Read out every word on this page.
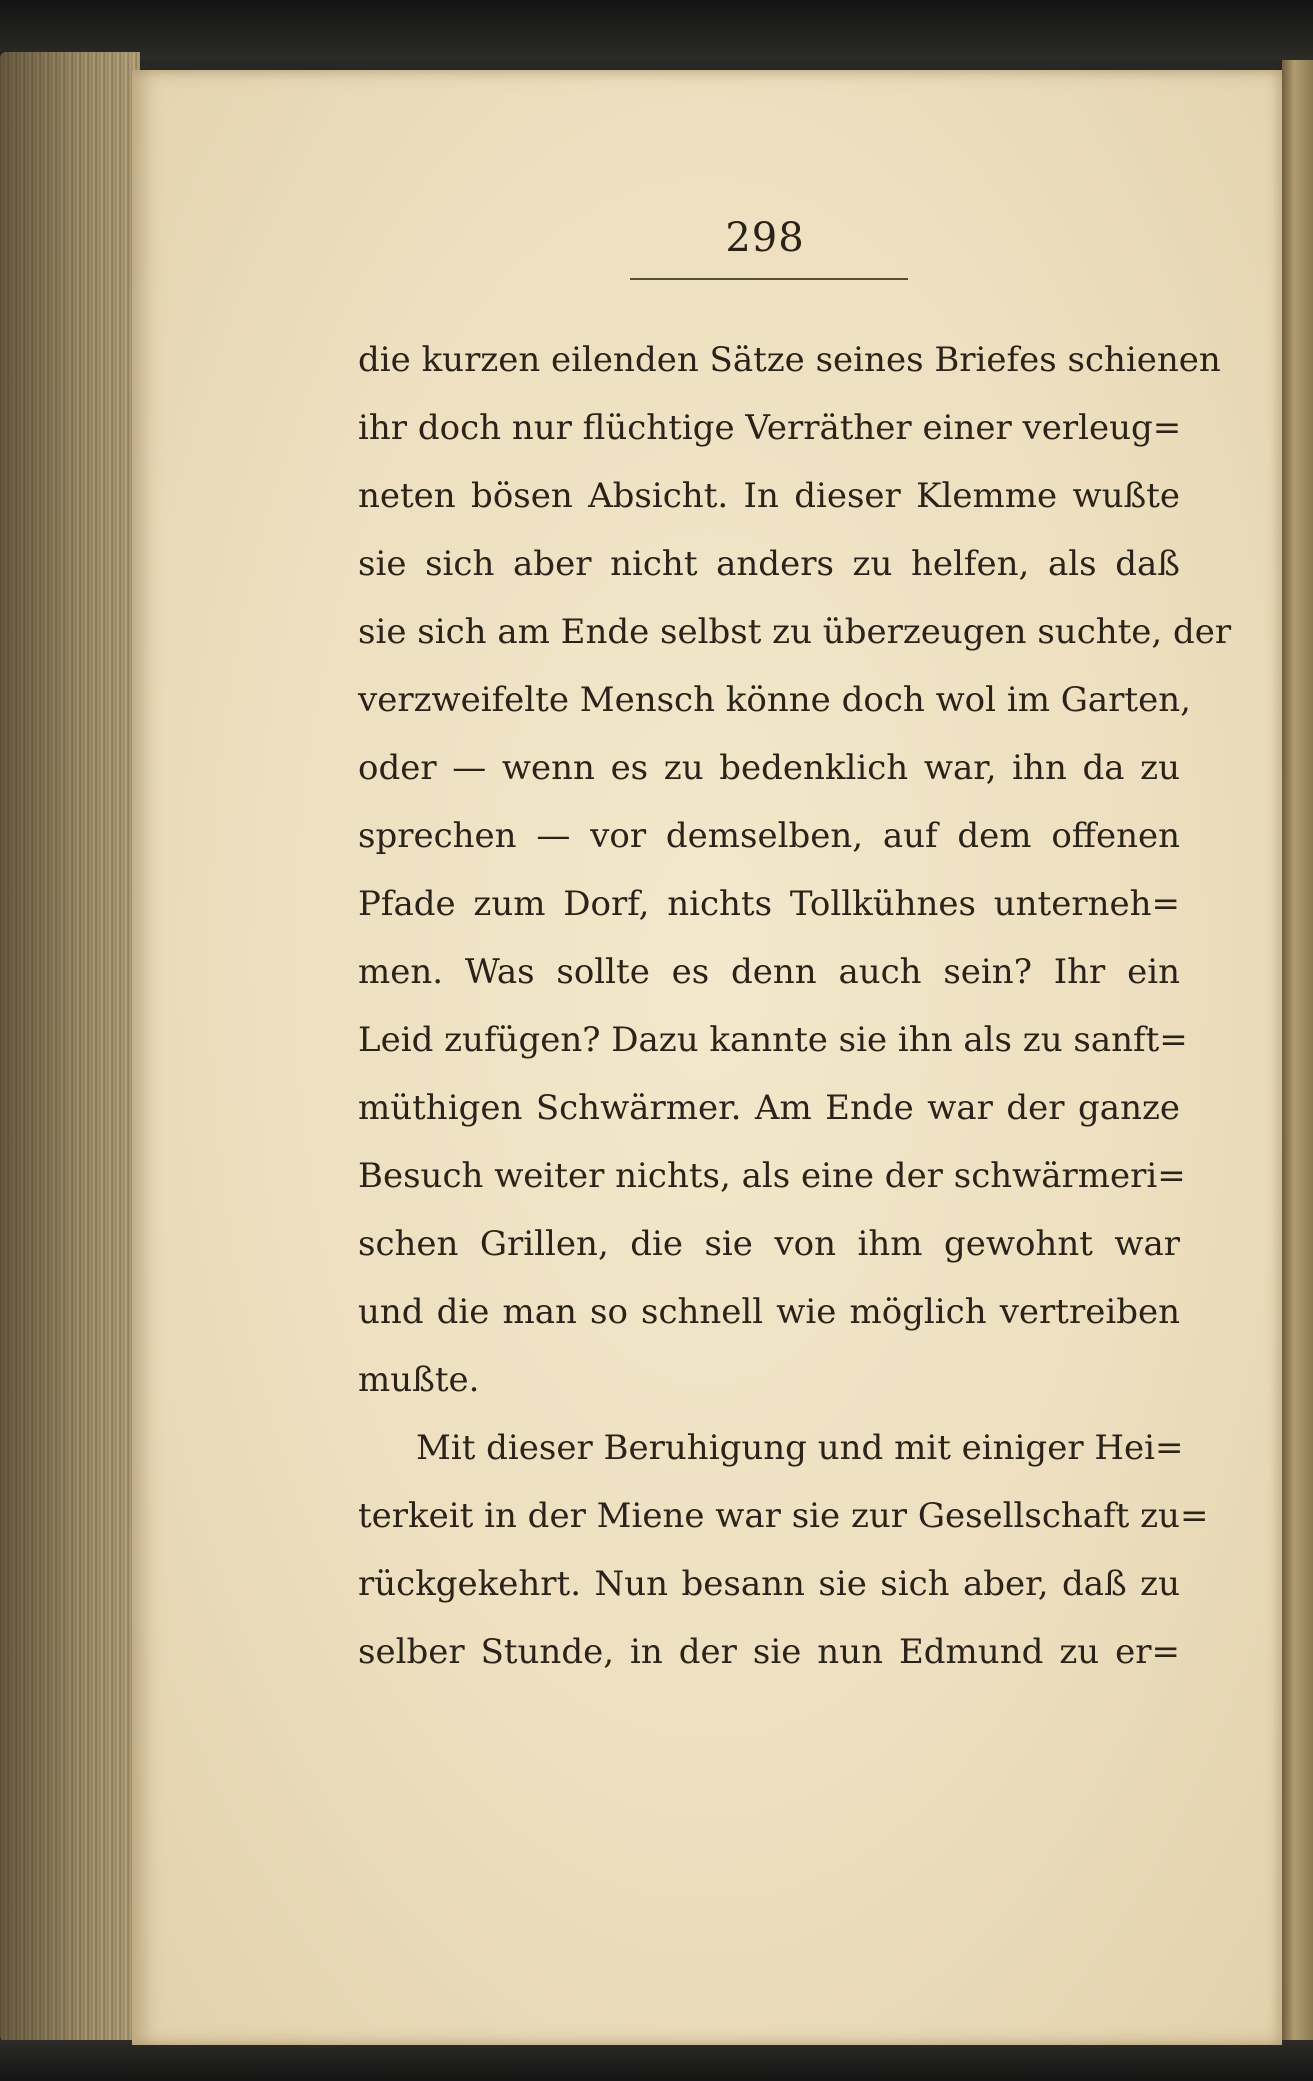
298
die kurzen eilenden Sätze seines Briefes schienen
ihr doch nur flüchtige Verräther einer verleug=
neten bösen Absicht. In dieser Klemme wußte
sie sich aber nicht anders zu helfen, als daß
sie sich am Ende selbst zu überzeugen suchte, der
verzweifelte Mensch könne doch wol im Garten,
oder — wenn es zu bedenklich war, ihn da zu
sprechen — vor demselben, auf dem offenen
Pfade zum Dorf, nichts Tollkühnes unterneh=
men. Was sollte es denn auch sein? Ihr ein
Leid zufügen? Dazu kannte sie ihn als zu sanft=
müthigen Schwärmer. Am Ende war der ganze
Besuch weiter nichts, als eine der schwärmeri=
schen Grillen, die sie von ihm gewohnt war
und die man so schnell wie möglich vertreiben
mußte.
Mit dieser Beruhigung und mit einiger Hei=
terkeit in der Miene war sie zur Gesellschaft zu=
rückgekehrt. Nun besann sie sich aber, daß zu
selber Stunde, in der sie nun Edmund zu er=
